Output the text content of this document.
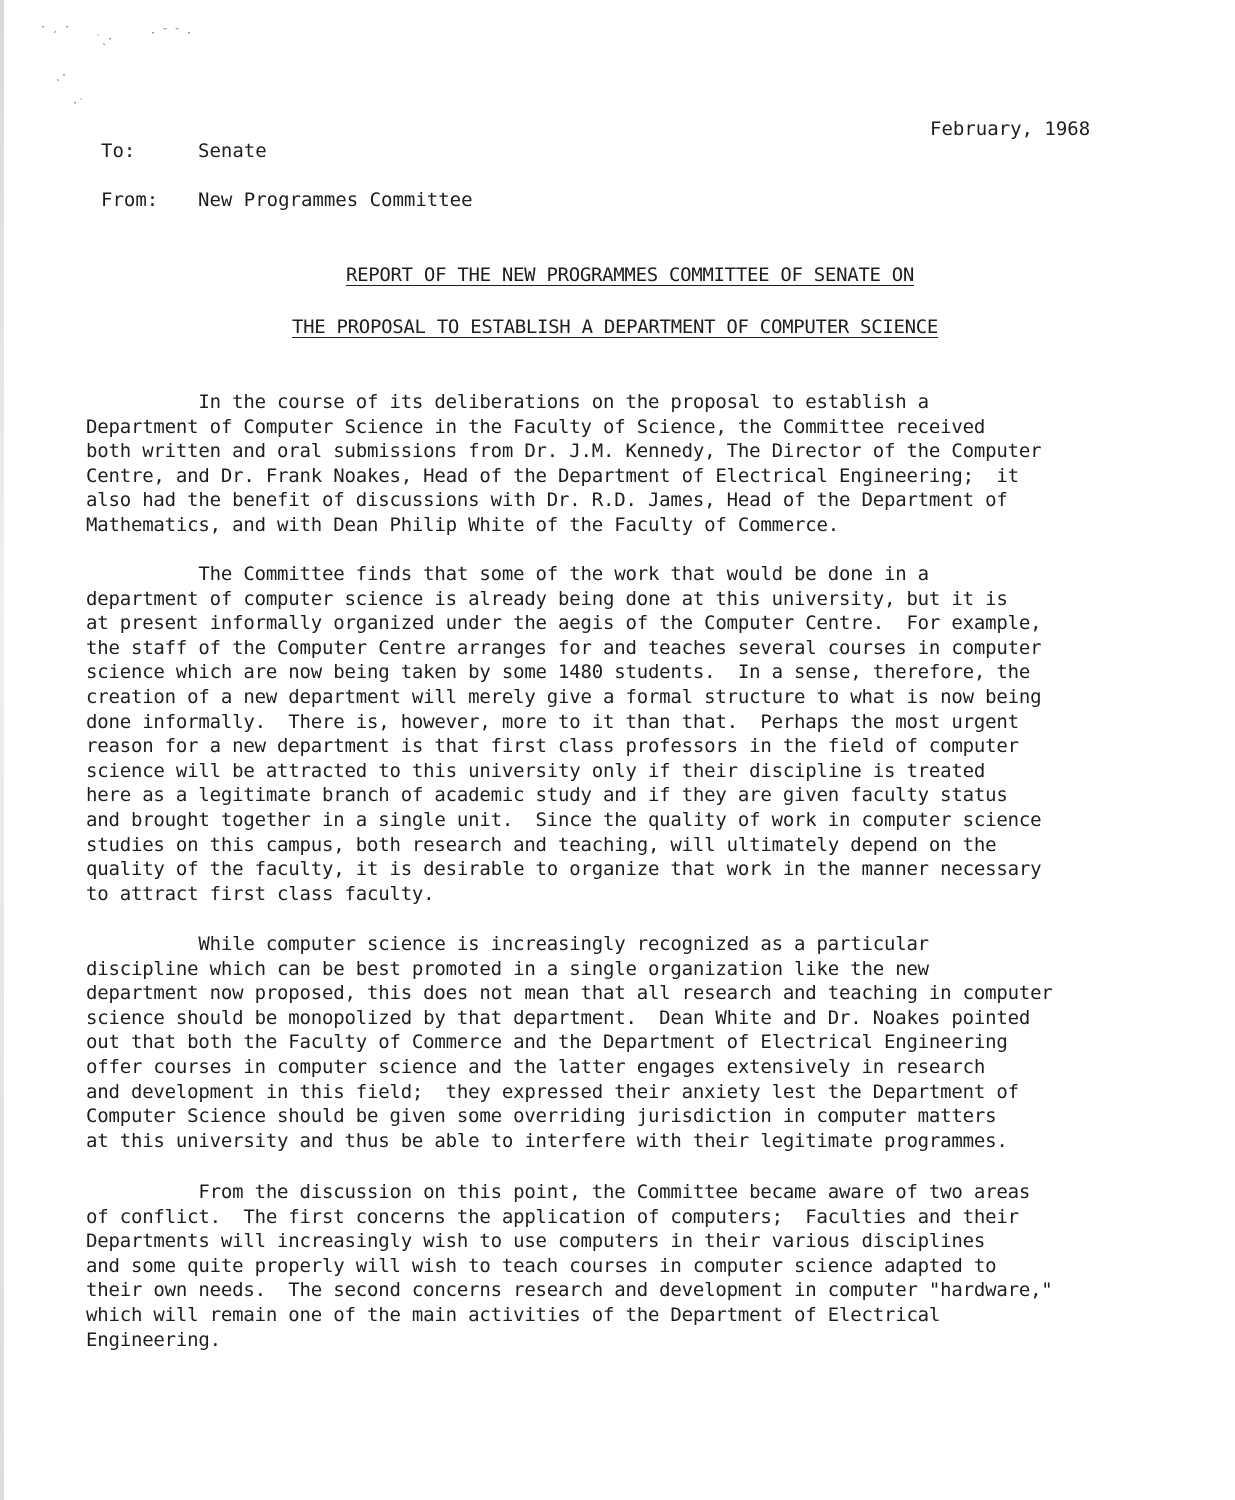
· ˏ ·
˙ˎ·
· ˉ ˉ ·
ˎ·
·˙
February, 1968
To:	Senate
From: New Programmes Committee
REPORT OF THE NEW PROGRAMMES COMMITTEE OF SENATE ON
THE PROPOSAL TO ESTABLISH A DEPARTMENT OF COMPUTER SCIENCE
In the course of its deliberations on the proposal to establish a
Department of Computer Science in the Faculty of Science, the Committee received
both written and oral submissions from Dr. J.M. Kennedy, The Director of the Computer
Centre, and Dr. Frank Noakes, Head of the Department of Electrical Engineering;  it
also had the benefit of discussions with Dr. R.D. James, Head of the Department of
Mathematics, and with Dean Philip White of the Faculty of Commerce.
The Committee finds that some of the work that would be done in a
department of computer science is already being done at this university, but it is
at present informally organized under the aegis of the Computer Centre.  For example,
the staff of the Computer Centre arranges for and teaches several courses in computer
science which are now being taken by some 1480 students.  In a sense, therefore, the
creation of a new department will merely give a formal structure to what is now being
done informally.  There is, however, more to it than that.  Perhaps the most urgent
reason for a new department is that first class professors in the field of computer
science will be attracted to this university only if their discipline is treated
here as a legitimate branch of academic study and if they are given faculty status
and brought together in a single unit.  Since the quality of work in computer science
studies on this campus, both research and teaching, will ultimately depend on the
quality of the faculty, it is desirable to organize that work in the manner necessary
to attract first class faculty.
While computer science is increasingly recognized as a particular
discipline which can be best promoted in a single organization like the new
department now proposed, this does not mean that all research and teaching in computer
science should be monopolized by that department.  Dean White and Dr. Noakes pointed
out that both the Faculty of Commerce and the Department of Electrical Engineering
offer courses in computer science and the latter engages extensively in research
and development in this field;  they expressed their anxiety lest the Department of
Computer Science should be given some overriding jurisdiction in computer matters
at this university and thus be able to interfere with their legitimate programmes.
From the discussion on this point, the Committee became aware of two areas
of conflict.  The first concerns the application of computers;  Faculties and their
Departments will increasingly wish to use computers in their various disciplines
and some quite properly will wish to teach courses in computer science adapted to
their own needs.  The second concerns research and development in computer "hardware,"
which will remain one of the main activities of the Department of Electrical
Engineering.
